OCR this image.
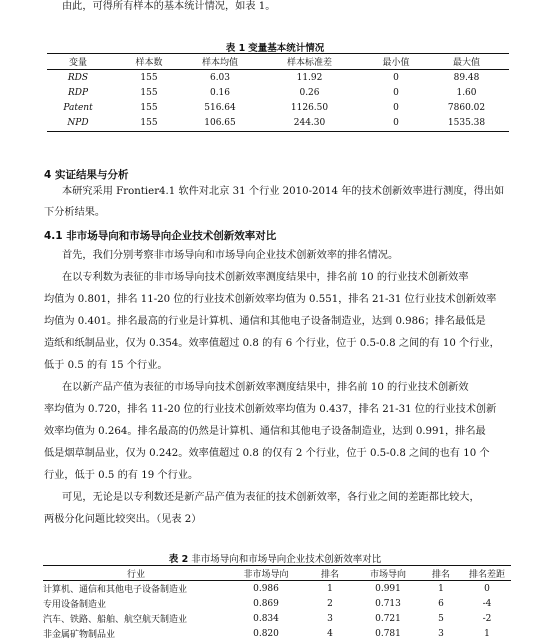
由此，可得所有样本的基本统计情况，如表 1。
表 1 变量基本统计情况
变量	样本数	样本均值	样本标准差	最小值	最大值
RDS	155	6.03	11.92	0	89.48
RDP	155	0.16	0.26	0	1.60
Patent	155	516.64	1126.50	0	7860.02
NPD	155	106.65	244.30	0	1535.38
4 实证结果与分析
本研究采用 Frontier4.1 软件对北京 31 个行业 2010-2014 年的技术创新效率进行测度，得出如
下分析结果。
4.1 非市场导向和市场导向企业技术创新效率对比
首先，我们分别考察非市场导向和市场导向企业技术创新效率的排名情况。
在以专利数为表征的非市场导向技术创新效率测度结果中，排名前 10 的行业技术创新效率
均值为 0.801，排名 11-20 位的行业技术创新效率均值为 0.551，排名 21-31 位行业技术创新效率
均值为 0.401。排名最高的行业是计算机、通信和其他电子设备制造业，达到 0.986；排名最低是
造纸和纸制品业，仅为 0.354。效率值超过 0.8 的有 6 个行业，位于 0.5-0.8 之间的有 10 个行业，
低于 0.5 的有 15 个行业。
在以新产品产值为表征的市场导向技术创新效率测度结果中，排名前 10 的行业技术创新效
率均值为 0.720，排名 11-20 位的行业技术创新效率均值为 0.437，排名 21-31 位的行业技术创新
效率均值为 0.264。排名最高的仍然是计算机、通信和其他电子设备制造业，达到 0.991，排名最
低是烟草制品业，仅为 0.242。效率值超过 0.8 的仅有 2 个行业，位于 0.5-0.8 之间的也有 10 个
行业，低于 0.5 的有 19 个行业。
可见，无论是以专利数还是新产品产值为表征的技术创新效率，各行业之间的差距都比较大，
两极分化问题比较突出。（见表 2）
表 2 非市场导向和市场导向企业技术创新效率对比
行业	非市场导向	排名	市场导向	排名	排名差距
计算机、通信和其他电子设备制造业	0.986	1	0.991	1	0
专用设备制造业	0.869	2	0.713	6	-4
汽车、铁路、船舶、航空航天制造业	0.834	3	0.721	5	-2
非金属矿物制品业	0.820	4	0.781	3	1
